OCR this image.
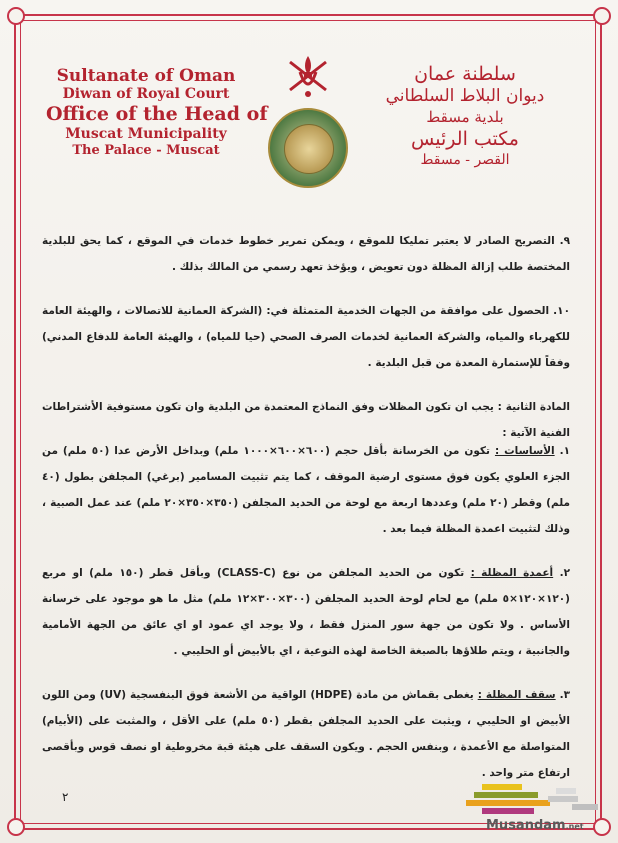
Sultanate of Oman
Diwan of Royal Court
Office of the Head of
Muscat Municipality
The Palace - Muscat
سلطنة عمان
ديوان البلاط السلطاني
بلدية مسقط
مكتب الرئيس
القصر - مسقط
٩. التصريح الصادر لا يعتبر تمليكا للموقع ، ويمكن تمرير خطوط خدمات في الموقع ، كما يحق للبلدية المختصة طلب إزالة المظلة دون تعويض ، ويؤخذ تعهد رسمي من المالك بذلك .
١٠. الحصول على موافقة من الجهات الخدمية المتمثلة في: (الشركة العمانية للاتصالات ، والهيئة العامة للكهرباء والمياه، والشركة العمانية لخدمات الصرف الصحي (حيا للمياه) ، والهيئة العامة للدفاع المدني) وفقاً للإستمارة المعدة من قبل البلدية .
المادة الثانية : يجب ان تكون المظلات وفق النماذج المعتمدة من البلدية وان تكون مستوفية الأشتراطات الفنية الآتية :
١. الأساسات : تكون من الخرسانة بأقل حجم (٦٠٠×٦٠٠×١٠٠٠ ملم) وبداخل الأرض عدا (٥٠ ملم) من الجزء العلوي يكون فوق مستوى ارضية الموقف ، كما يتم تثبيت المسامير (برغي) المجلفن بطول (٤٠ ملم) وقطر (٢٠ ملم) وعددها اربعة مع لوحة من الحديد المجلفن (٣٥٠×٣٥٠×٢٠ ملم) عند عمل الصبية ، وذلك لتثبيت اعمدة المظلة فيما بعد .
٢. أعمدة المظلة : تكون من الحديد المجلفن من نوع (CLASS-C) وبأقل قطر (١٥٠ ملم) او مربع (١٢٠×١٢٠×٥ ملم) مع لحام لوحة الحديد المجلفن (٣٠٠×٣٠٠×١٢ ملم) مثل ما هو موجود على خرسانة الأساس . ولا تكون من جهة سور المنزل فقط ، ولا يوجد اي عمود او اي عائق من الجهة الأمامية والجانبية ، ويتم طلاؤها بالصبغة الخاصة لهذه النوعية ، اي بالأبيض أو الحليبي .
٣. سقف المظلة : يغطى بقماش من مادة (HDPE) الواقية من الأشعة فوق البنفسجية (UV) ومن اللون الأبيض او الحليبي ، ويثبت على الحديد المجلفن بقطر (٥٠ ملم) على الأقل ، والمثبت على (الأبيام) المتواصلة مع الأعمدة ، وبنفس الحجم . ويكون السقف على هيئة قبة مخروطية او نصف قوس وبأقصى ارتفاع متر واحد .
٢
Musandam.net
